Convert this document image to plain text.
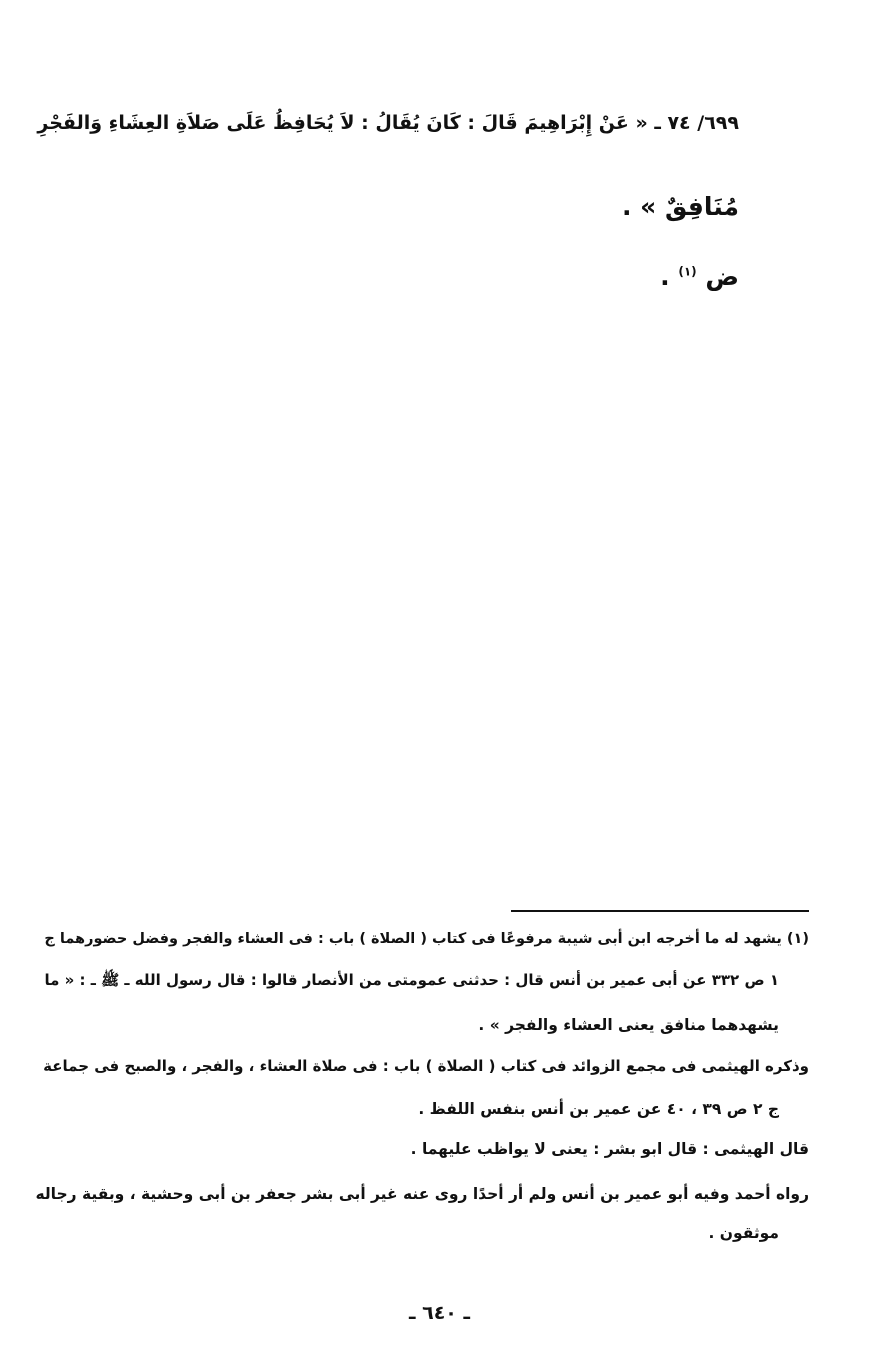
٦٩٩/ ٧٤ ـ « عَنْ إِبْرَاهِيمَ قَالَ : كَانَ يُقَالُ : لاَ يُحَافِظُ عَلَى صَلاَةِ العِشَاءِ وَالفَجْرِ
مُنَافِقٌ » .
ض $^{(١)}$ .
(١) يشهد له ما أخرجه ابن أبى شيبة مرفوعًا فى كتاب ( الصلاة ) باب : فى العشاء والفجر وفضل حضورهما ج
١ ص ٣٣٢ عن أبى عمير بن أنس قال : حدثنى عمومتى من الأنصار قالوا : قال رسول الله ـ ﷺ ـ : « ما
يشهدهما منافق يعنى العشاء والفجر » .
وذكره الهيثمى فى مجمع الزوائد فى كتاب ( الصلاة ) باب : فى صلاة العشاء ، والفجر ، والصبح فى جماعة
ج ٢ ص ٣٩ ، ٤٠ عن عمير بن أنس بنفس اللفظ .
قال الهيثمى : قال ابو بشر : يعنى لا يواظب عليهما .
رواه أحمد وفيه أبو عمير بن أنس ولم أر أحدًا روى عنه غير أبى بشر جعفر بن أبى وحشية ، وبقية رجاله
موثقون .
ـ ٦٤٠ ـ
